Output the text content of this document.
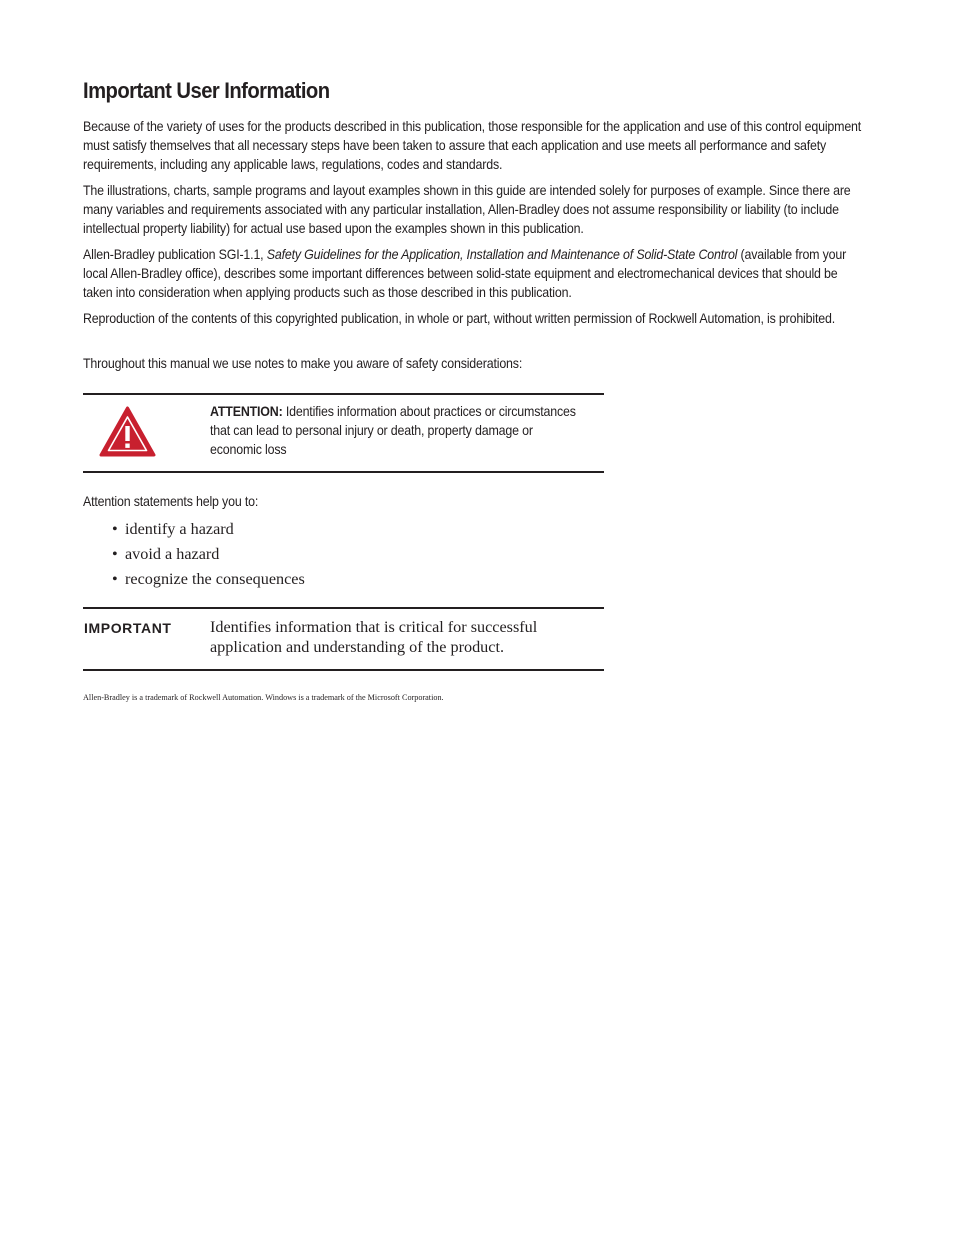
Important User Information

Because of the variety of uses for the products described in this publication, those responsible for the application and use of this control equipment must satisfy themselves that all necessary steps have been taken to assure that each application and use meets all performance and safety requirements, including any applicable laws, regulations, codes and standards.

The illustrations, charts, sample programs and layout examples shown in this guide are intended solely for purposes of example. Since there are many variables and requirements associated with any particular installation, Allen-Bradley does not assume responsibility or liability (to include intellectual property liability) for actual use based upon the examples shown in this publication.

Allen-Bradley publication SGI-1.1, Safety Guidelines for the Application, Installation and Maintenance of Solid-State Control (available from your local Allen-Bradley office), describes some important differences between solid-state equipment and electromechanical devices that should be taken into consideration when applying products such as those described in this publication.

Reproduction of the contents of this copyrighted publication, in whole or part, without written permission of Rockwell Automation, is prohibited.

Throughout this manual we use notes to make you aware of safety considerations:

ATTENTION: Identifies information about practices or circumstances that can lead to personal injury or death, property damage or economic loss

Attention statements help you to:

• identify a hazard
• avoid a hazard
• recognize the consequences
IMPORTANT Identifies information that is critical for successful application and understanding of the product.

Allen-Bradley is a trademark of Rockwell Automation. Windows is a trademark of the Microsoft Corporation.
